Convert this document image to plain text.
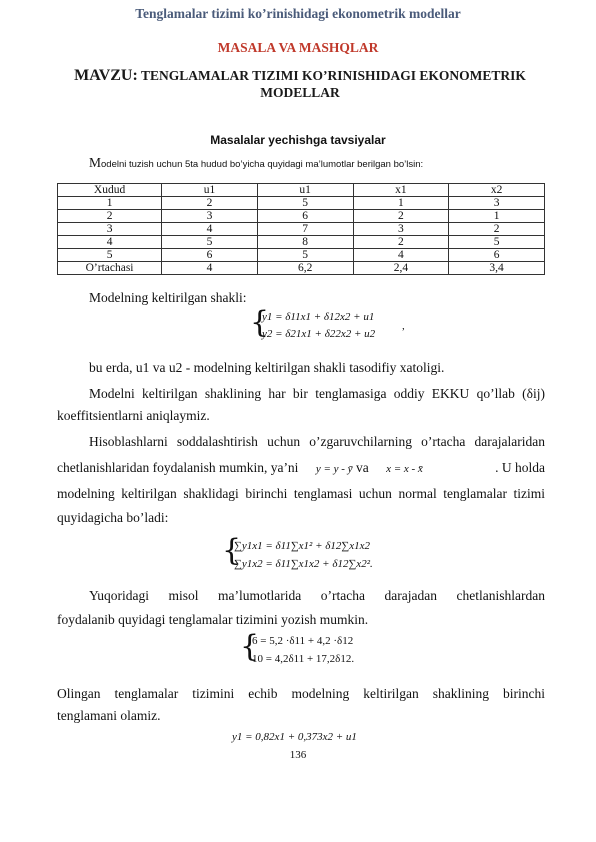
Tenglamalar tizimi ko’rinishidagi ekonometrik modellar
MASALA VA MASHQLAR
MAVZU: TENGLAMALAR TIZIMI KO’RINISHIDAGI EKONOMETRIK
MODELLAR
Masalalar yechishga tavsiyalar
Modelni tuzish uchun 5ta hudud bo’yicha quyidagi ma’lumotlar berilgan bo’lsin:
Xudud	u1	u1	x1	x2
1	2	5	1	3
2	3	6	2	1
3	4	7	3	2
4	5	8	2	5
5	6	5	4	6
O’rtachasi	4	6,2	2,4	3,4
Modelning keltirilgan shakli:
{
y1 = δ11x1 + δ12x2 + u1
y2 = δ21x1 + δ22x2 + u2
,
bu erda, u1 va u2 - modelning keltirilgan shakli tasodifiy xatoligi.
Modelni keltirilgan shaklining har bir tenglamasiga oddiy EKKU qo’llab (δij)
koeffitsientlarni aniqlaymiz.
Hisoblashlarni soddalashtirish uchun o’zgaruvchilarning o’rtacha darajalaridan
chetlanishlaridan foydalanish mumkin, ya’ni y = y - ȳ va x = x - x̄	. U holda
modelning keltirilgan shaklidagi birinchi tenglamasi uchun normal tenglamalar tizimi
quyidagicha bo’ladi:
{
∑y1x1 = δ11∑x1² + δ12∑x1x2
∑y1x2 = δ11∑x1x2 + δ12∑x2².
Yuqoridagi misol ma’lumotlarida o’rtacha darajadan chetlanishlardan
foydalanib quyidagi tenglamalar tizimini yozish mumkin.
{
6 = 5,2 ·δ11 + 4,2 ·δ12
10 = 4,2δ11 + 17,2δ12.
Olingan tenglamalar tizimini echib modelning keltirilgan shaklining birinchi
tenglamani olamiz.
y1 = 0,82x1 + 0,373x2 + u1
136
